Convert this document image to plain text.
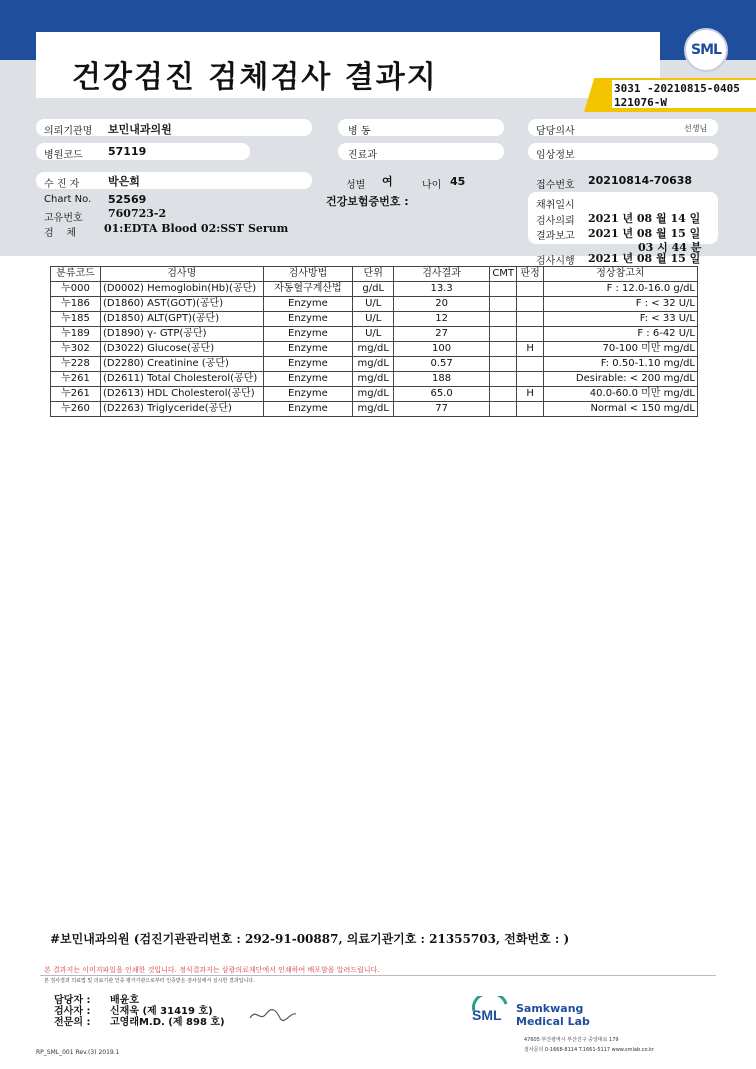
건강검진 검체검사 결과지
SML
3031 -20210815-0405
121076-W
의뢰기관명 보민내과의원	병 동	담당의사	선생님
병원코드 57119	진료과	임상정보
수 진 자	박은희	성별 여	나이 45	접수번호 20210814-70638
Chart No. 52569
고유번호 760723-2
검    체	01:EDTA Blood 02:SST Serum
건강보험증번호 :	채취일시
검사의뢰 2021 년 08 월 14 일
결과보고 2021 년 08 월 15 일
03 시 44 분
검사시행 2021 년 08 월 15 일
분류코드	검사명	검사방법	단위	검사결과	CMT	판정	정상참고치
누000	(D0002) Hemoglobin(Hb)(공단)	자동혈구계산법	g/dL	13.3			F : 12.0-16.0 g/dL
누186	(D1860) AST(GOT)(공단)	Enzyme	U/L	20			F : < 32 U/L
누185	(D1850) ALT(GPT)(공단)	Enzyme	U/L	12			F: < 33 U/L
누189	(D1890) γ- GTP(공단)	Enzyme	U/L	27			F : 6-42 U/L
누302	(D3022) Glucose(공단)	Enzyme	mg/dL	100		H	70-100 미만 mg/dL
누228	(D2280) Creatinine (공단)	Enzyme	mg/dL	0.57			F: 0.50-1.10 mg/dL
누261	(D2611) Total Cholesterol(공단)	Enzyme	mg/dL	188			Desirable: < 200 mg/dL
누261	(D2613) HDL Cholesterol(공단)	Enzyme	mg/dL	65.0		H	40.0-60.0 미만 mg/dL
누260	(D2263) Triglyceride(공단)	Enzyme	mg/dL	77			Normal < 150 mg/dL
#보민내과의원 (검진기관관리번호 : 292-91-00887, 의료기관기호 : 21355703, 전화번호 : )
본 결과지는 이미지파일을 인쇄한 것입니다. 정식결과지는 삼광의료재단에서 인쇄하여 배포함을 알려드립니다.
본 검사결과 의료법 및 의료기관 인증 평가기관으로부터 인증받은 검사실에서 실시한 결과입니다.
담당자 : 배윤호
검사자 : 신재욱 (제 31419 호)
전문의 : 고영래M.D. (제 898 호)	SML Samkwang
Medical Lab
47605 부산광역시 부산진구 중앙대로 179
검사문의 0-1668-8114 T.1661-5117 www.smlab.co.kr
RP_SML_001 Rev.(3) 2019.1
